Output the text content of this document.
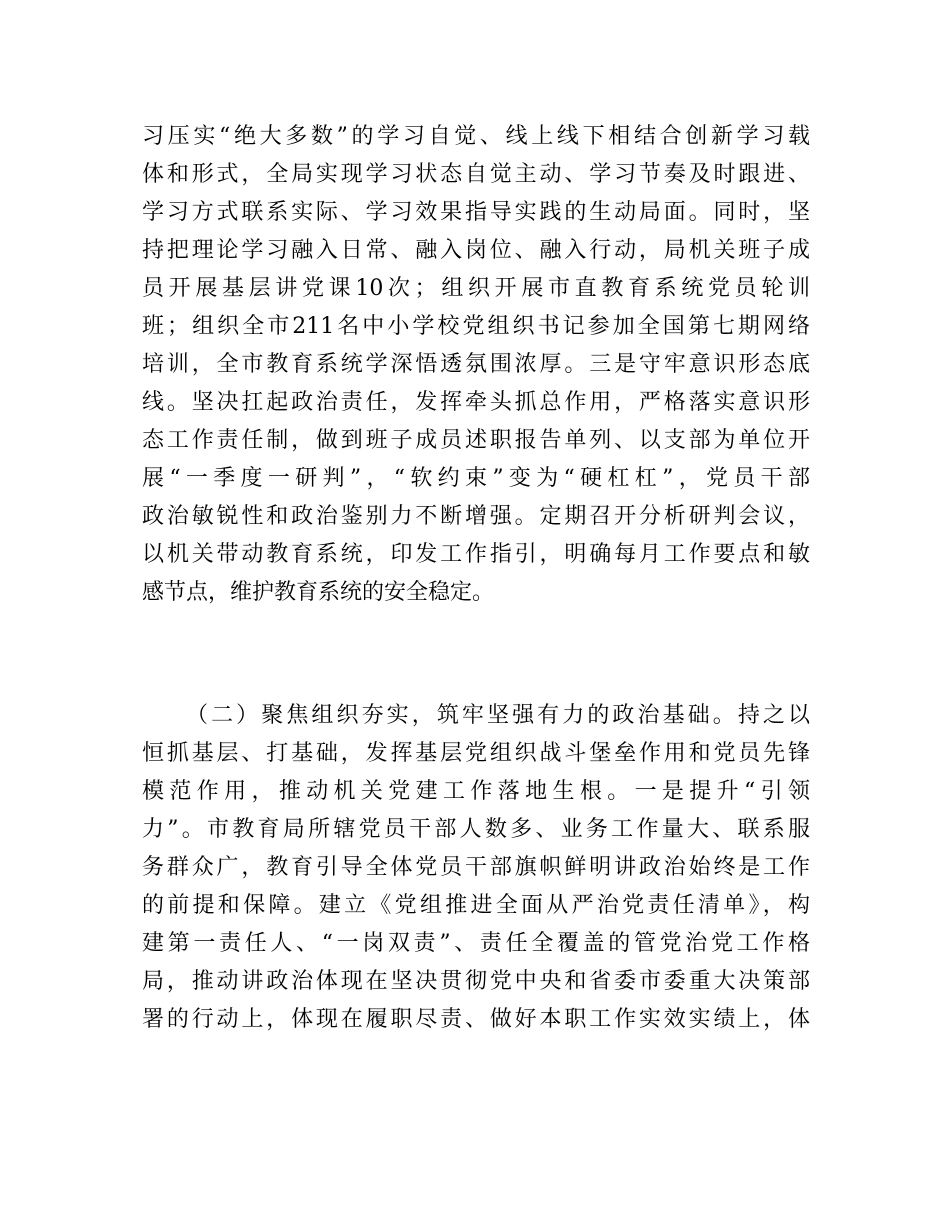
习压实“绝大多数”的学习自觉、线上线下相结合创新学习载
体和形式，全局实现学习状态自觉主动、学习节奏及时跟进、
学习方式联系实际、学习效果指导实践的生动局面。同时，坚
持把理论学习融入日常、融入岗位、融入行动，局机关班子成
员开展基层讲党课10次；组织开展市直教育系统党员轮训
班；组织全市211名中小学校党组织书记参加全国第七期网络
培训，全市教育系统学深悟透氛围浓厚。三是守牢意识形态底
线。坚决扛起政治责任，发挥牵头抓总作用，严格落实意识形
态工作责任制，做到班子成员述职报告单列、以支部为单位开
展“一季度一研判”，“软约束”变为“硬杠杠”，党员干部
政治敏锐性和政治鉴别力不断增强。定期召开分析研判会议，
以机关带动教育系统，印发工作指引，明确每月工作要点和敏
感节点，维护教育系统的安全稳定。
（二）聚焦组织夯实，筑牢坚强有力的政治基础。持之以
恒抓基层、打基础，发挥基层党组织战斗堡垒作用和党员先锋
模范作用，推动机关党建工作落地生根。一是提升“引领
力”。市教育局所辖党员干部人数多、业务工作量大、联系服
务群众广，教育引导全体党员干部旗帜鲜明讲政治始终是工作
的前提和保障。建立《党组推进全面从严治党责任清单》，构
建第一责任人、“一岗双责”、责任全覆盖的管党治党工作格
局，推动讲政治体现在坚决贯彻党中央和省委市委重大决策部
署的行动上，体现在履职尽责、做好本职工作实效实绩上，体
